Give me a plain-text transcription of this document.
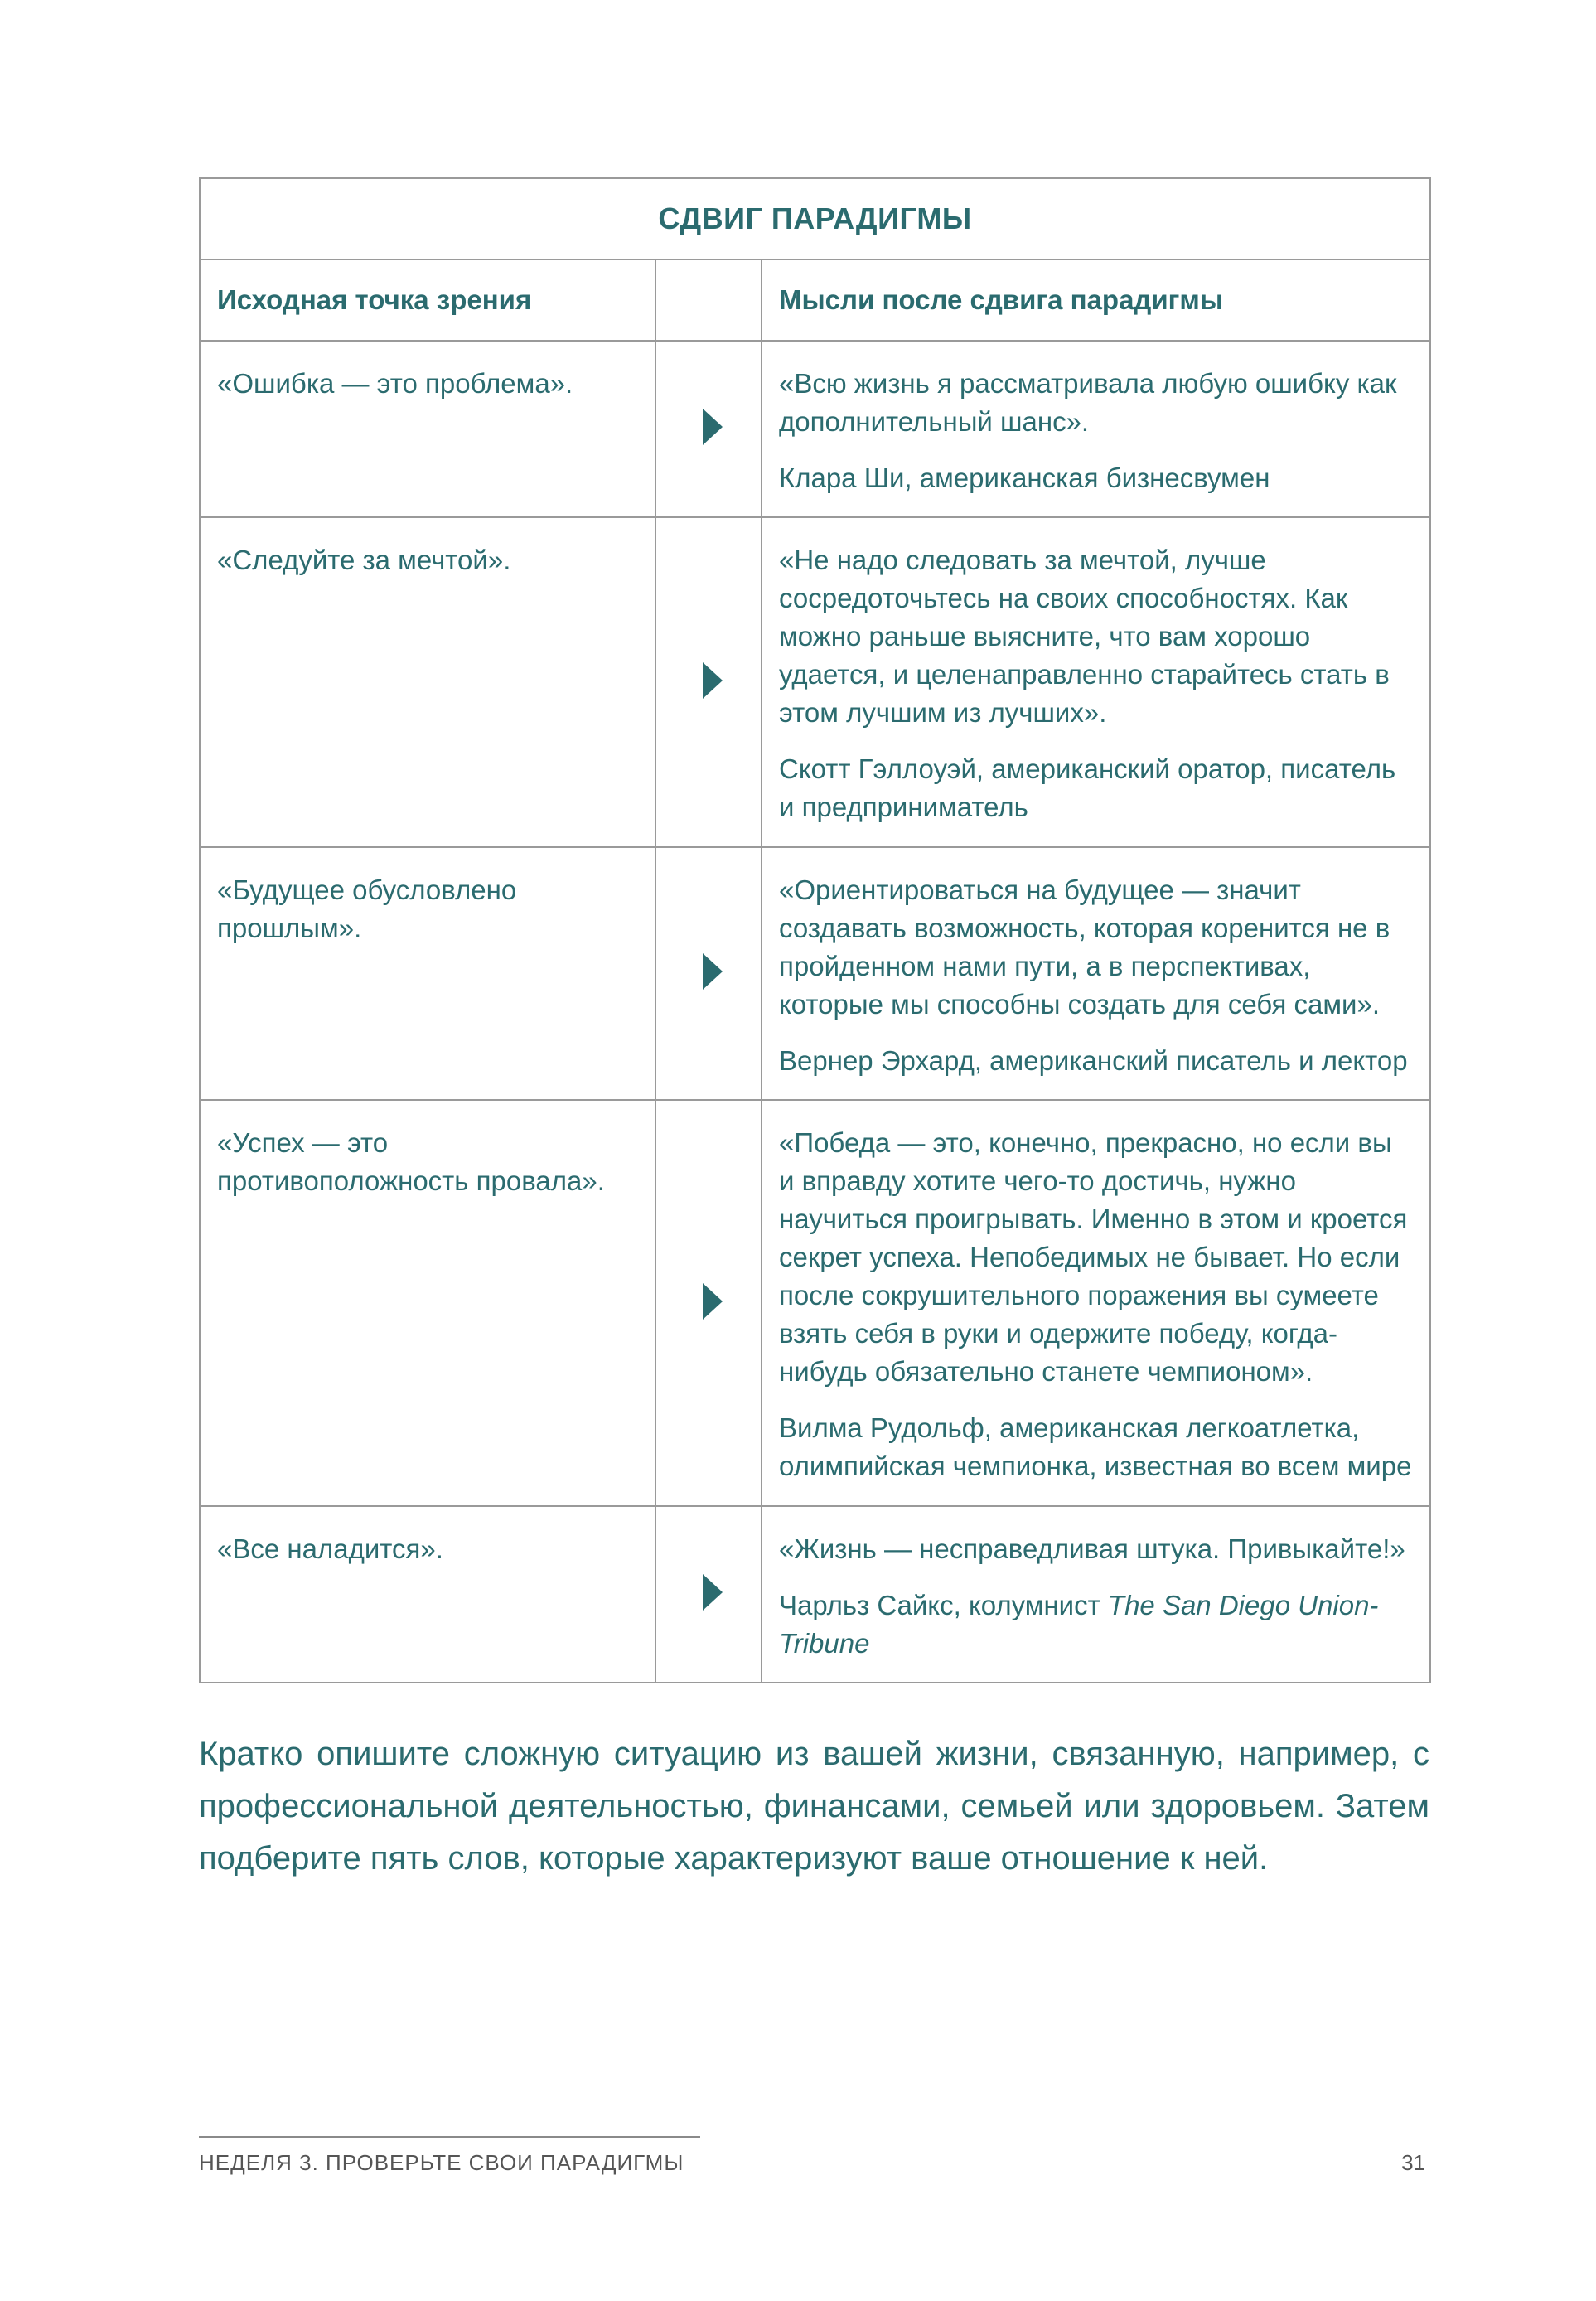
СДВИГ ПАРАДИГМЫ		
Исходная точка зрения		Мысли после сдвига парадигмы
«Ошибка — это проблема».		«Всю жизнь я рассматривала любую ошибку как дополнительный шанс».

Клара Ши, американская бизнесвумен

«Следуйте за мечтой».		«Не надо следовать за мечтой, лучше сосредоточьтесь на своих способностях. Как можно раньше выясните, что вам хорошо удается, и целенаправленно старайтесь стать в этом лучшим из лучших».

Скотт Гэллоуэй, американский оратор, писатель и предприниматель

«Будущее обусловлено прошлым».		«Ориентироваться на будущее — значит создавать возможность, которая коренится не в пройденном нами пути, а в перспективах, которые мы способны создать для себя сами».

Вернер Эрхард, американский писатель и лектор

«Успех — это противоположность провала».		«Победа — это, конечно, прекрасно, но если вы и вправду хотите чего-то достичь, нужно научиться проигрывать. Именно в этом и кроется секрет успеха. Непобедимых не бывает. Но если после сокрушительного поражения вы сумеете взять себя в руки и одержите победу, когда-нибудь обязательно станете чемпионом».

Вилма Рудольф, американская легкоатлетка, олимпийская чемпионка, известная во всем мире

«Все наладится».		«Жизнь — несправедливая штука. Привыкайте!»

Чарльз Сайкс, колумнист The San Diego Union-Tribune

Кратко опишите сложную ситуацию из вашей жизни, связанную, например, с профессиональной деятельностью, финансами, семьей или здоровьем. Затем подберите пять слов, которые характеризуют ваше отношение к ней.

НЕДЕЛЯ 3. ПРОВЕРЬТЕ СВОИ ПАРАДИГМЫ	31
